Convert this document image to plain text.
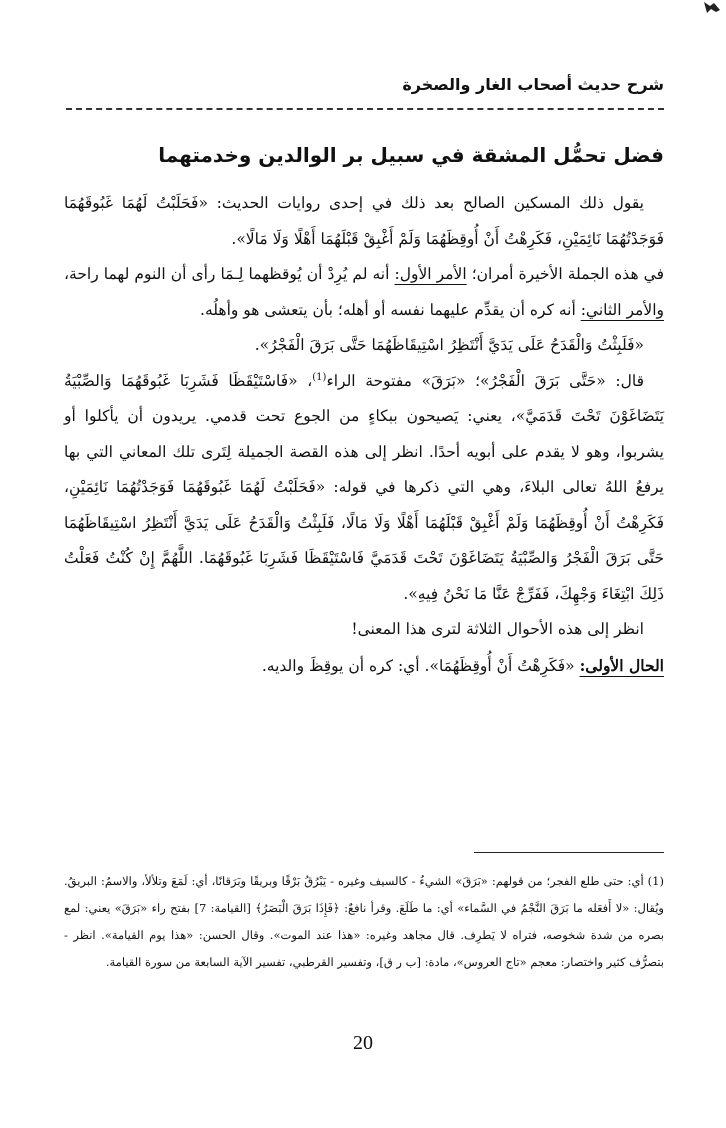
شرح حديث أصحاب الغار والصخرة
فضل تحمُّل المشقة في سبيل بر الوالدين وخدمتهما

يقول ذلك المسكين الصالح بعد ذلك في إحدى روايات الحديث: «فَحَلَبْتُ لَهُمَا غَبُوقَهُمَا فَوَجَدْتُهُمَا نَائِمَيْنِ، فَكَرِهْتُ أَنْ أُوقِظَهُمَا وَلَمْ أَغْبِقْ قَبْلَهُمَا أَهْلًا وَلَا مَالًا».

في هذه الجملة الأخيرة أمران؛ الأمر الأول: أنه لم يُرِدْ أن يُوقظهما لِـمَا رأى أن النوم لهما راحة، والأمر الثاني: أنه كره أن يقدِّم عليهما نفسه أو أهله؛ بأن يتعشى هو وأهلُه.

«فَلَبِثْتُ وَالْقَدَحُ عَلَى يَدَيَّ أَنْتَظِرُ اسْتِيقَاظَهُمَا حَتَّى بَرَقَ الْفَجْرُ».

قال: «حَتَّى بَرَقَ الْفَجْرُ»؛ «بَرَقَ» مفتوحة الراء$^{(1)}$، «فَاسْتَيْقَظَا فَشَرِبَا غَبُوقَهُمَا وَالصِّبْيَةُ يَتَضَاغَوْنَ تَحْتَ قَدَمَيَّ»، يعني: يَصيحون ببكاءٍ من الجوع تحت قدمي. يريدون أن يأكلوا أو يشربوا، وهو لا يقدم على أبويه أحدًا. انظر إلى هذه القصة الجميلة لِتَرى تلك المعاني التي بها يرفعُ اللهُ تعالى البلاءَ، وهي التي ذكرها في قوله: «فَحَلَبْتُ لَهُمَا غَبُوقَهُمَا فَوَجَدْتُهُمَا نَائِمَيْنِ، فَكَرِهْتُ أَنْ أُوقِظَهُمَا وَلَمْ أَغْبِقْ قَبْلَهُمَا أَهْلًا وَلَا مَالًا، فَلَبِثْتُ وَالْقَدَحُ عَلَى يَدَيَّ أَنْتَظِرُ اسْتِيقَاظَهُمَا حَتَّى بَرَقَ الْفَجْرُ وَالصِّبْيَةُ يَتَضَاغَوْنَ تَحْتَ قَدَمَيَّ فَاسْتَيْقَظَا فَشَرِبَا غَبُوقَهُمَا. اللَّهُمَّ إِنْ كُنْتُ فَعَلْتُ ذَلِكَ ابْتِغَاءَ وَجْهِكَ، فَفَرِّجْ عَنَّا مَا نَحْنُ فِيهِ».

انظر إلى هذه الأحوال الثلاثة لترى هذا المعنى!

الحال الأولى: «فَكَرِهْتُ أَنْ أُوقِظَهُمَا». أي: كره أن يوقِظَ والديه.

(1) أي: حتى طلع الفجر؛ من قولهم: «بَرَقَ» الشيءُ - كالسيف وغيره - يَبْرُقُ بَرْقًا وبريقًا وبَرَقانًا، أي: لَمَعَ وتلألأ، والاسمُ: البريقُ. ويُقال: «لا أَفعَله ما بَرَقَ النَّجْمُ في السَّماء» أي: ما طَلَعَ. وقرأ نافعٌ: ﴿فَإِذَا بَرَقَ الْبَصَرُ﴾ [القيامة: 7] بفتح راء «بَرَقَ» يعني: لمع بصره من شدة شخوصه، فتراه لا يَطرِف. قال مجاهد وغيره: «هذا عند الموت». وقال الحسن: «هذا يوم القيامة». انظر - بتصرُّف كثير واختصار: معجم «تاج العروس»، مادة: [ب ر ق]، وتفسير القرطبي، تفسير الآية السابعة من سورة القيامة.

20
